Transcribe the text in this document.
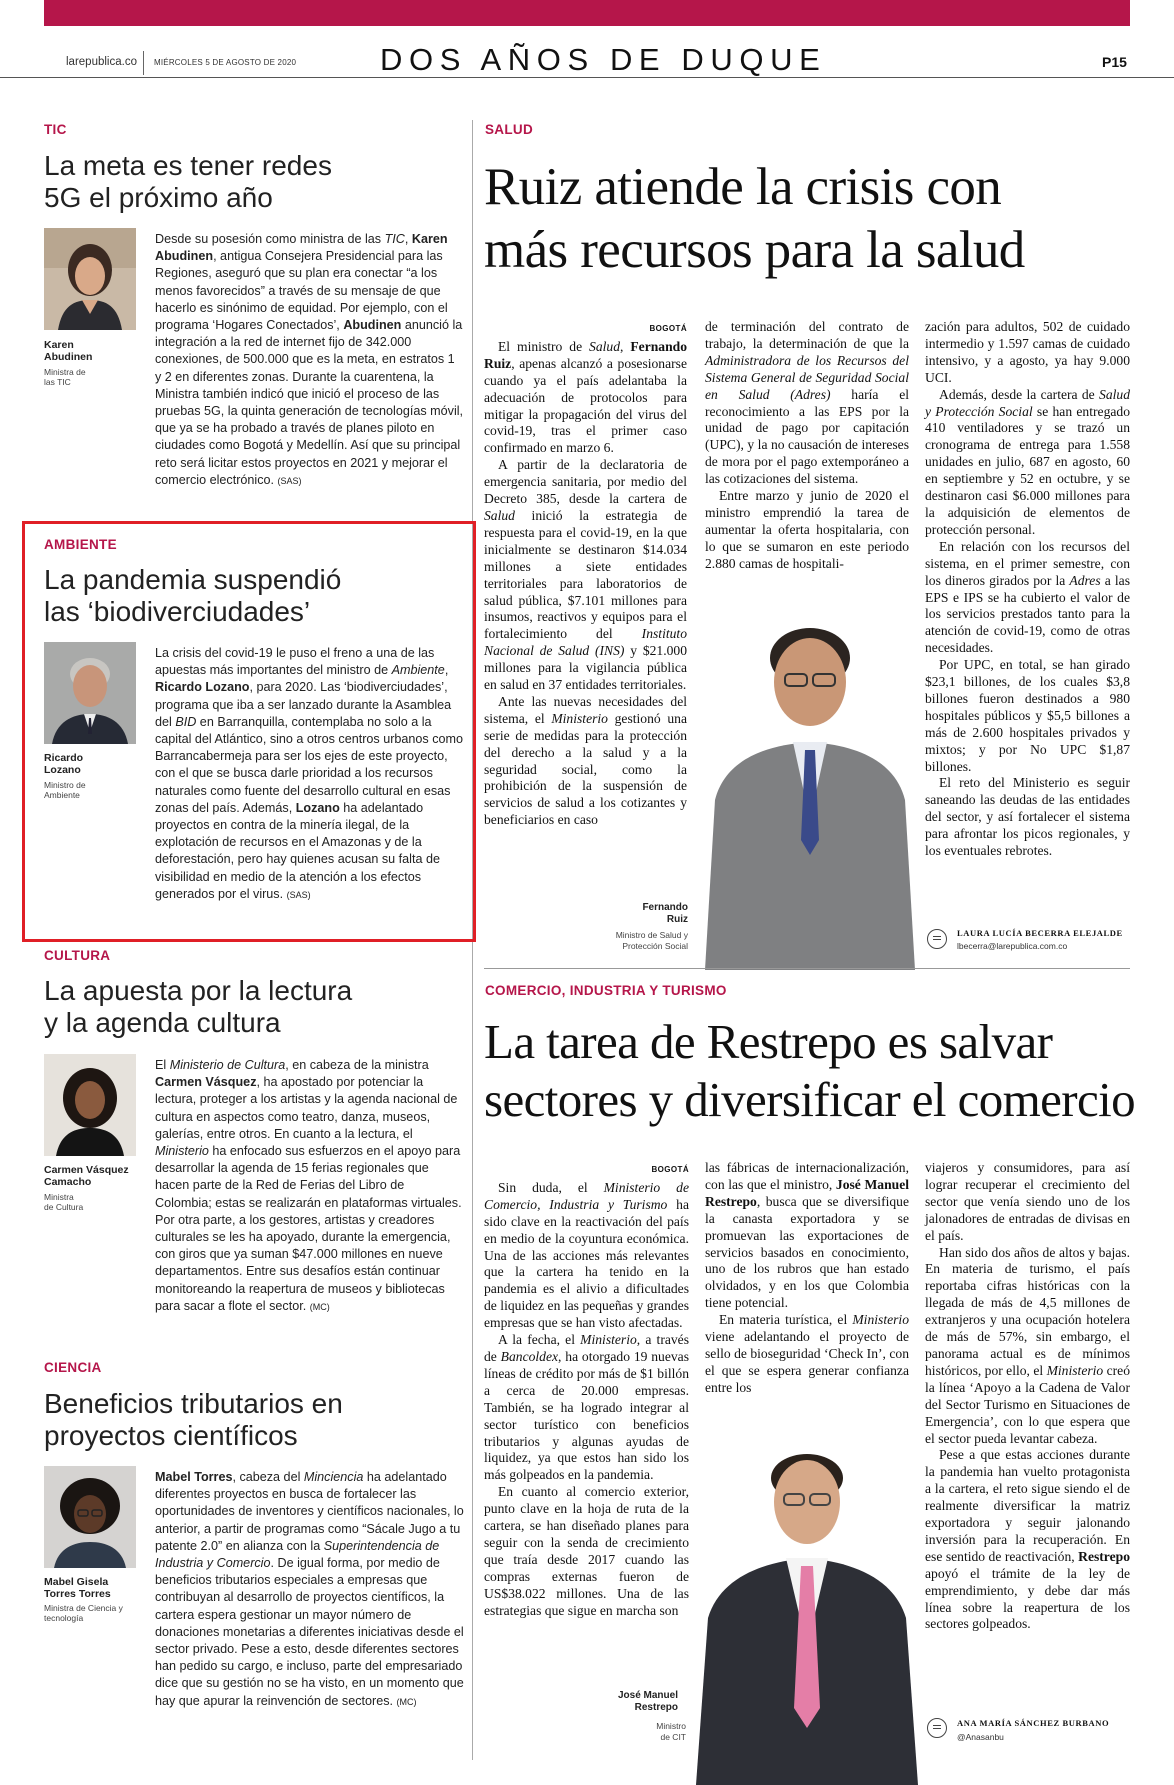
larepublica.co MIÉRCOLES 5 DE AGOSTO DE 2020	DOS AÑOS DE DUQUE	P15
TIC
La meta es tener redes
5G el próximo año
Karen
Abudinen
Ministra de
las TIC
Desde su posesión como ministra de las TIC, Karen Abudinen, antigua Consejera Presidencial para las Regiones, aseguró que su plan era conectar “a los menos favorecidos” a través de su mensaje de que hacerlo es sinónimo de equidad. Por ejemplo, con el programa ‘Hogares Conectados’, Abudinen anunció la integración a la red de internet fijo de 342.000 conexiones, de 500.000 que es la meta, en estratos 1 y 2 en diferentes zonas. Durante la cuarentena, la Ministra también indicó que inició el proceso de las pruebas 5G, la quinta generación de tecnologías móvil, que ya se ha probado a través de planes piloto en ciudades como Bogotá y Medellín. Así que su principal reto será licitar estos proyectos en 2021 y mejorar el comercio electrónico. (SAS)
AMBIENTE
La pandemia suspendió
las ‘biodiverciudades’
Ricardo
Lozano
Ministro de
Ambiente
La crisis del covid-19 le puso el freno a una de las apuestas más importantes del ministro de Ambiente, Ricardo Lozano, para 2020. Las ‘biodiverciudades’, programa que iba a ser lanzado durante la Asamblea del BID en Barranquilla, contemplaba no solo a la capital del Atlántico, sino a otros centros urbanos como Barrancabermeja para ser los ejes de este proyecto, con el que se busca darle prioridad a los recursos naturales como fuente del desarrollo cultural en esas zonas del país. Además, Lozano ha adelantado proyectos en contra de la minería ilegal, de la explotación de recursos en el Amazonas y de la deforestación, pero hay quienes acusan su falta de visibilidad en medio de la atención a los efectos generados por el virus. (SAS)
CULTURA
La apuesta por la lectura
y la agenda cultura
Carmen Vásquez
Camacho
Ministra
de Cultura
El Ministerio de Cultura, en cabeza de la ministra Carmen Vásquez, ha apostado por potenciar la lectura, proteger a los artistas y la agenda nacional de cultura en aspectos como teatro, danza, museos, galerías, entre otros. En cuanto a la lectura, el Ministerio ha enfocado sus esfuerzos en el apoyo para desarrollar la agenda de 15 ferias regionales que hacen parte de la Red de Ferias del Libro de Colombia; estas se realizarán en plataformas virtuales. Por otra parte, a los gestores, artistas y creadores culturales se les ha apoyado, durante la emergencia, con giros que ya suman $47.000 millones en nueve departamentos. Entre sus desafíos están continuar monitoreando la reapertura de museos y bibliotecas para sacar a flote el sector. (MC)
CIENCIA
Beneficios tributarios en
proyectos científicos
Mabel Gisela
Torres Torres
Ministra de Ciencia y
tecnología
Mabel Torres, cabeza del Minciencia ha adelantado diferentes proyectos en busca de fortalecer las oportunidades de inventores y científicos nacionales, lo anterior, a partir de programas como “Sácale Jugo a tu patente 2.0” en alianza con la Superintendencia de Industria y Comercio. De igual forma, por medio de beneficios tributarios especiales a empresas que contribuyan al desarrollo de proyectos científicos, la cartera espera gestionar un mayor número de donaciones monetarias a diferentes iniciativas desde el sector privado. Pese a esto, desde diferentes sectores han pedido su cargo, e incluso, parte del empresariado dice que su gestión no se ha visto, en un momento que hay que apurar la reinvención de sectores. (MC)
SALUD
Ruiz atiende la crisis con
más recursos para la salud
BOGOTÁ

El ministro de Salud, Fernando Ruiz, apenas alcanzó a posesionarse cuando ya el país adelantaba la adecuación de protocolos para mitigar la propagación del virus del covid-19, tras el primer caso confirmado en marzo 6.

A partir de la declaratoria de emergencia sanitaria, por medio del Decreto 385, desde la cartera de Salud inició la estrategia de respuesta para el covid-19, en la que inicialmente se destinaron $14.034 millones a siete entidades territoriales para laboratorios de salud pública, $7.101 millones para insumos, reactivos y equipos para el fortalecimiento del Instituto Nacional de Salud (INS) y $21.000 millones para la vigilancia pública en salud en 37 entidades territoriales.

Ante las nuevas necesidades del sistema, el Ministerio gestionó una serie de medidas para la protección del derecho a la salud y a la seguridad social, como la prohibición de la suspensión de servicios de salud a los cotizantes y beneficiarios en caso

de terminación del contrato de trabajo, la determinación de que la Administradora de los Recursos del Sistema General de Seguridad Social en Salud (Adres) haría el reconocimiento a las EPS por la unidad de pago por capitación (UPC), y la no causación de intereses de mora por el pago extemporáneo a las cotizaciones del sistema.

Entre marzo y junio de 2020 el ministro emprendió la tarea de aumentar la oferta hospitalaria, con lo que se sumaron en este periodo 2.880 camas de hospitali-

zación para adultos, 502 de cuidado intermedio y 1.597 camas de cuidado intensivo, y a agosto, ya hay 9.000 UCI.

Además, desde la cartera de Salud y Protección Social se han entregado 410 ventiladores y se trazó un cronograma de entrega para 1.558 unidades en julio, 687 en agosto, 60 en septiembre y 52 en octubre, y se destinaron casi $6.000 millones para la adquisición de elementos de protección personal.

En relación con los recursos del sistema, en el primer semestre, con los dineros girados por la Adres a las EPS e IPS se ha cubierto el valor de los servicios prestados tanto para la atención de covid-19, como de otras necesidades.

Por UPC, en total, se han girado $23,1 billones, de los cuales $3,8 billones fueron destinados a 980 hospitales públicos y $5,5 billones a más de 2.600 hospitales privados y mixtos; y por No UPC $1,87 billones.

El reto del Ministerio es seguir saneando las deudas de las entidades del sector, y así fortalecer el sistema para afrontar los picos regionales, y los eventuales rebrotes.

Fernando
Ruiz
Ministro de Salud y
Protección Social
LAURA LUCÍA BECERRA ELEJALDE
lbecerra@larepublica.com.co
COMERCIO, INDUSTRIA Y TURISMO
La tarea de Restrepo es salvar
sectores y diversificar el comercio
BOGOTÁ

Sin duda, el Ministerio de Comercio, Industria y Turismo ha sido clave en la reactivación del país en medio de la coyuntura económica. Una de las acciones más relevantes que la cartera ha tenido en la pandemia es el alivio a dificultades de liquidez en las pequeñas y grandes empresas que se han visto afectadas.

A la fecha, el Ministerio, a través de Bancoldex, ha otorgado 19 nuevas líneas de crédito por más de $1 billón a cerca de 20.000 empresas. También, se ha logrado integrar al sector turístico con beneficios tributarios y algunas ayudas de liquidez, ya que estos han sido los más golpeados en la pandemia.

En cuanto al comercio exterior, punto clave en la hoja de ruta de la cartera, se han diseñado planes para seguir con la senda de crecimiento que traía desde 2017 cuando las compras externas fueron de US$38.022 millones. Una de las estrategias que sigue en marcha son

las fábricas de internacionalización, con las que el ministro, José Manuel Restrepo, busca que se diversifique la canasta exportadora y se promuevan las exportaciones de servicios basados en conocimiento, uno de los rubros que han estado olvidados, y en los que Colombia tiene potencial.

En materia turística, el Ministerio viene adelantando el proyecto de sello de bioseguridad ‘Check In’, con el que se espera generar confianza entre los

viajeros y consumidores, para así lograr recuperar el crecimiento del sector que venía siendo uno de los jalonadores de entradas de divisas en el país.

Han sido dos años de altos y bajas. En materia de turismo, el país reportaba cifras históricas con la llegada de más de 4,5 millones de extranjeros y una ocupación hotelera de más de 57%, sin embargo, el panorama actual es de mínimos históricos, por ello, el Ministerio creó la línea ‘Apoyo a la Cadena de Valor del Sector Turismo en Situaciones de Emergencia’, con lo que espera que el sector pueda levantar cabeza.

Pese a que estas acciones durante la pandemia han vuelto protagonista a la cartera, el reto sigue siendo el de realmente diversificar la matriz exportadora y seguir jalonando inversión para la recuperación. En ese sentido de reactivación, Restrepo apoyó el trámite de la ley de emprendimiento, y debe dar más línea sobre la reapertura de los sectores golpeados.

José Manuel
Restrepo
Ministro
de CIT
ANA MARÍA SÁNCHEZ BURBANO
@Anasanbu
